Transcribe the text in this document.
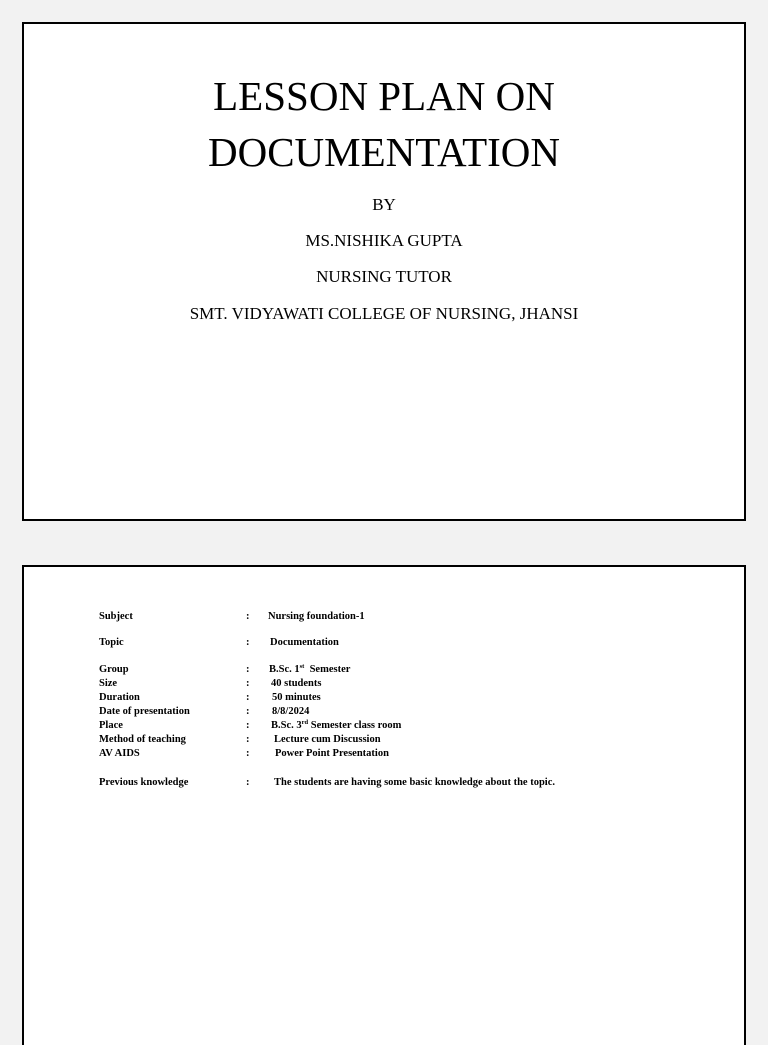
LESSON PLAN ON
DOCUMENTATION
BY
MS.NISHIKA GUPTA
NURSING TUTOR
SMT. VIDYAWATI COLLEGE OF NURSING, JHANSI
Subject	: Nursing foundation-1
Topic	: Documentation
Group	: B.Sc. 1st  Semester
Size	: 40 students
Duration	: 50 minutes
Date of presentation	: 8/8/2024
Place	: B.Sc. 3rd Semester class room
Method of teaching	: Lecture cum Discussion
AV AIDS	: Power Point Presentation
Previous knowledge	: The students are having some basic knowledge about the topic.
